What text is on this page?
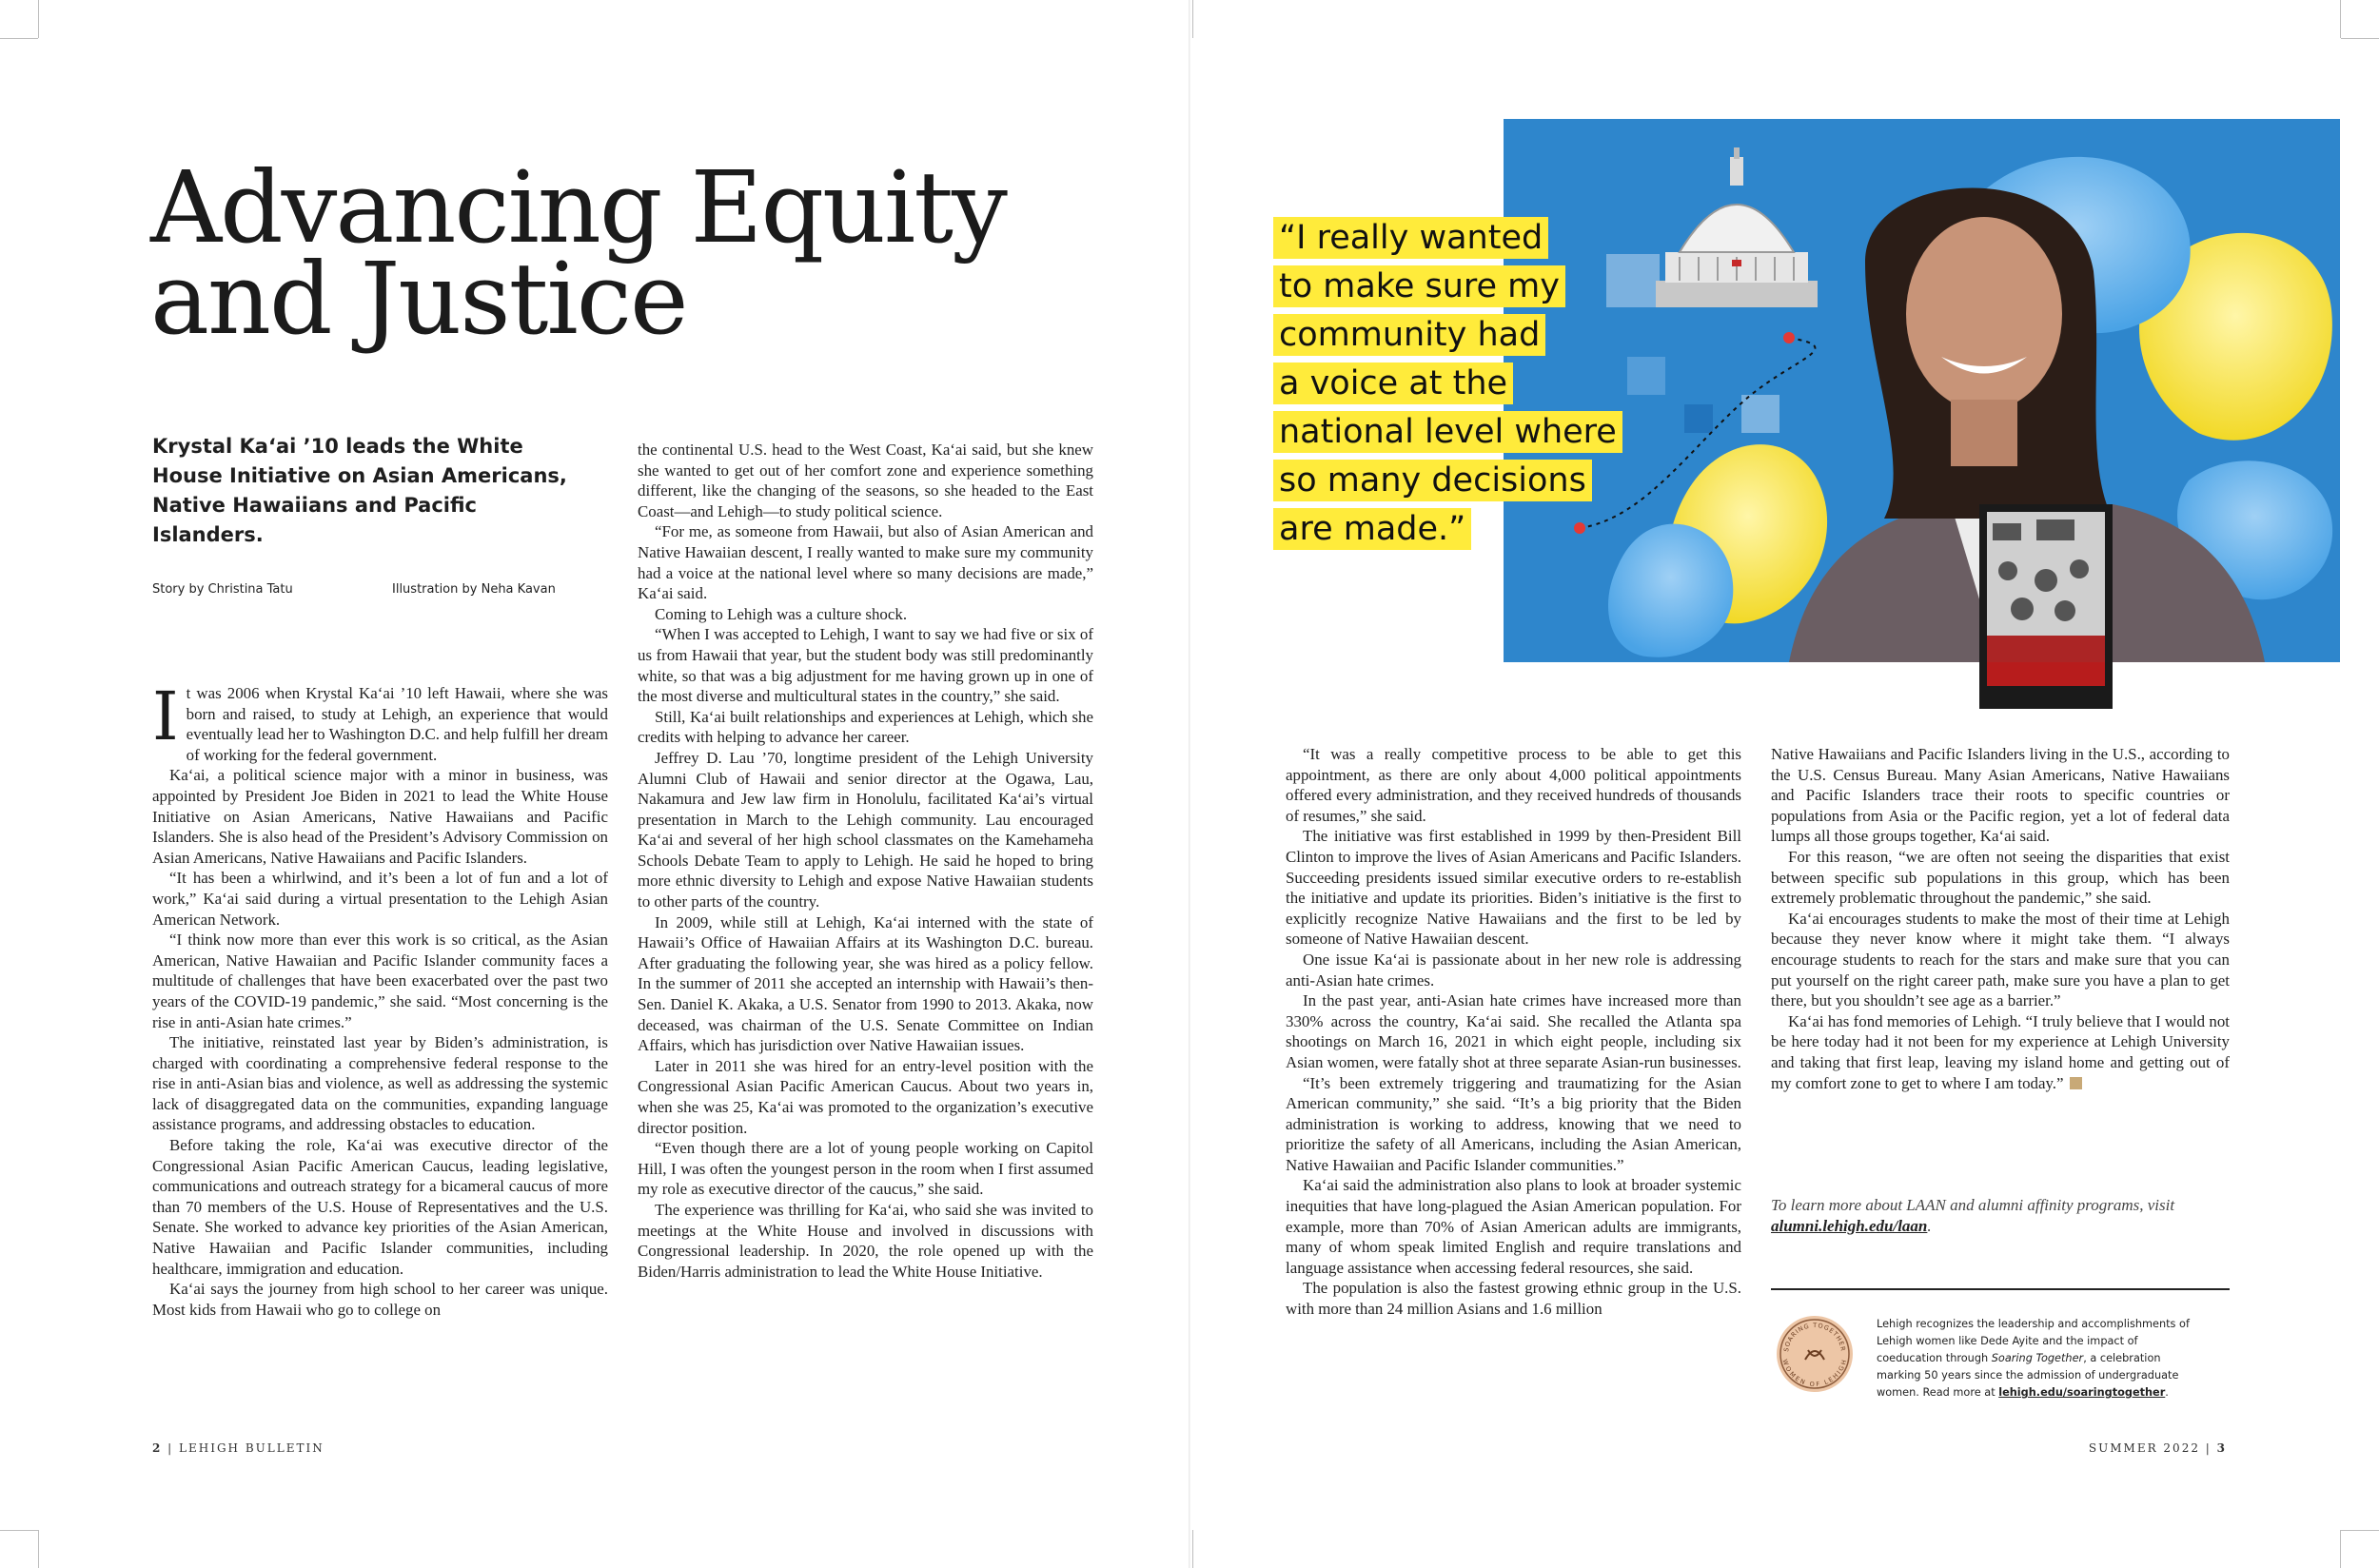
Advancing Equity
and Justice
Krystal Ka‘ai ’10 leads the White House Initiative on Asian Americans, Native Hawaiians and Pacific Islanders.
Story by Christina Tatu	Illustration by Neha Kavan

It was 2006 when Krystal Ka‘ai ’10 left Hawaii, where she was born and raised, to study at Lehigh, an experience that would eventually lead her to Washington D.C. and help fulfill her dream of working for the federal government.

Ka‘ai, a political science major with a minor in business, was appointed by President Joe Biden in 2021 to lead the White House Initiative on Asian Americans, Native Hawaiians and Pacific Islanders. She is also head of the President’s Advisory Commission on Asian Americans, Native Hawaiians and Pacific Islanders.

“It has been a whirlwind, and it’s been a lot of fun and a lot of work,” Ka‘ai said during a virtual presentation to the Lehigh Asian American Network.

“I think now more than ever this work is so critical, as the Asian American, Native Hawaiian and Pacific Islander community faces a multitude of challenges that have been exacerbated over the past two years of the COVID-19 pandemic,” she said. “Most concerning is the rise in anti-Asian hate crimes.”

The initiative, reinstated last year by Biden’s administration, is charged with coordinating a comprehensive federal response to the rise in anti-Asian bias and violence, as well as addressing the systemic lack of disaggregated data on the communities, expanding language assistance programs, and addressing obstacles to education.

Before taking the role, Ka‘ai was executive director of the Congressional Asian Pacific American Caucus, leading legislative, communications and outreach strategy for a bicameral caucus of more than 70 members of the U.S. House of Representatives and the U.S. Senate. She worked to advance key priorities of the Asian American, Native Hawaiian and Pacific Islander communities, including healthcare, immigration and education.

Ka‘ai says the journey from high school to her career was unique. Most kids from Hawaii who go to college on

the continental U.S. head to the West Coast, Ka‘ai said, but she knew she wanted to get out of her comfort zone and experience something different, like the changing of the seasons, so she headed to the East Coast—and Lehigh—to study political science.

“For me, as someone from Hawaii, but also of Asian American and Native Hawaiian descent, I really wanted to make sure my community had a voice at the national level where so many decisions are made,” Ka‘ai said.

Coming to Lehigh was a culture shock.

“When I was accepted to Lehigh, I want to say we had five or six of us from Hawaii that year, but the student body was still predominantly white, so that was a big adjustment for me having grown up in one of the most diverse and multicultural states in the country,” she said.

Still, Ka‘ai built relationships and experiences at Lehigh, which she credits with helping to advance her career.

Jeffrey D. Lau ’70, longtime president of the Lehigh University Alumni Club of Hawaii and senior director at the Ogawa, Lau, Nakamura and Jew law firm in Honolulu, facilitated Ka‘ai’s virtual presentation in March to the Lehigh community. Lau encouraged Ka‘ai and several of her high school classmates on the Kamehameha Schools Debate Team to apply to Lehigh. He said he hoped to bring more ethnic diversity to Lehigh and expose Native Hawaiian students to other parts of the country.

In 2009, while still at Lehigh, Ka‘ai interned with the state of Hawaii’s Office of Hawaiian Affairs at its Washington D.C. bureau. After graduating the following year, she was hired as a policy fellow. In the summer of 2011 she accepted an internship with Hawaii’s then-Sen. Daniel K. Akaka, a U.S. Senator from 1990 to 2013. Akaka, now deceased, was chairman of the U.S. Senate Committee on Indian Affairs, which has jurisdiction over Native Hawaiian issues.

Later in 2011 she was hired for an entry-level position with the Congressional Asian Pacific American Caucus. About two years in, when she was 25, Ka‘ai was promoted to the organization’s executive director position.

“Even though there are a lot of young people working on Capitol Hill, I was often the youngest person in the room when I first assumed my role as executive director of the caucus,” she said.

The experience was thrilling for Ka‘ai, who said she was invited to meetings at the White House and involved in discussions with Congressional leadership. In 2020, the role opened up with the Biden/Harris administration to lead the White House Initiative.

2 | LEHIGH BULLETIN
“I really wanted
to make sure my
community had
a voice at the
national level where
so many decisions
are made.”

“It was a really competitive process to be able to get this appointment, as there are only about 4,000 political appointments offered every administration, and they received hundreds of thousands of resumes,” she said.

The initiative was first established in 1999 by then-President Bill Clinton to improve the lives of Asian Americans and Pacific Islanders. Succeeding presidents issued similar executive orders to re-establish the initiative and update its priorities. Biden’s initiative is the first to explicitly recognize Native Hawaiians and the first to be led by someone of Native Hawaiian descent.

One issue Ka‘ai is passionate about in her new role is addressing anti-Asian hate crimes.

In the past year, anti-Asian hate crimes have increased more than 330% across the country, Ka‘ai said. She recalled the Atlanta spa shootings on March 16, 2021 in which eight people, including six Asian women, were fatally shot at three separate Asian-run businesses.

“It’s been extremely triggering and traumatizing for the Asian American community,” she said. “It’s a big priority that the Biden administration is working to address, knowing that we need to prioritize the safety of all Americans, including the Asian American, Native Hawaiian and Pacific Islander communities.”

Ka‘ai said the administration also plans to look at broader systemic inequities that have long-plagued the Asian American population. For example, more than 70% of Asian American adults are immigrants, many of whom speak limited English and require translations and language assistance when accessing federal resources, she said.

The population is also the fastest growing ethnic group in the U.S. with more than 24 million Asians and 1.6 million

Native Hawaiians and Pacific Islanders living in the U.S., according to the U.S. Census Bureau. Many Asian Americans, Native Hawaiians and Pacific Islanders trace their roots to specific countries or populations from Asia or the Pacific region, yet a lot of federal data lumps all those groups together, Ka‘ai said.

For this reason, “we are often not seeing the disparities that exist between specific sub populations in this group, which has been extremely problematic throughout the pandemic,” she said.

Ka‘ai encourages students to make the most of their time at Lehigh because they never know where it might take them. “I always encourage students to reach for the stars and make sure that you can put yourself on the right career path, make sure you have a plan to get there, but you shouldn’t see age as a barrier.”

Ka‘ai has fond memories of Lehigh. “I truly believe that I would not be here today had it not been for my experience at Lehigh University and taking that first leap, leaving my island home and getting out of my comfort zone to get to where I am today.”

To learn more about LAAN and alumni affinity programs, visit alumni.lehigh.edu/laan.
SOARING TOGETHER
WOMEN OF LEHIGH
Lehigh recognizes the leadership and accomplishments of Lehigh women like Dede Ayite and the impact of coeducation through Soaring Together, a celebration marking 50 years since the admission of undergraduate women. Read more at lehigh.edu/soaringtogether.
SUMMER 2022 | 3
